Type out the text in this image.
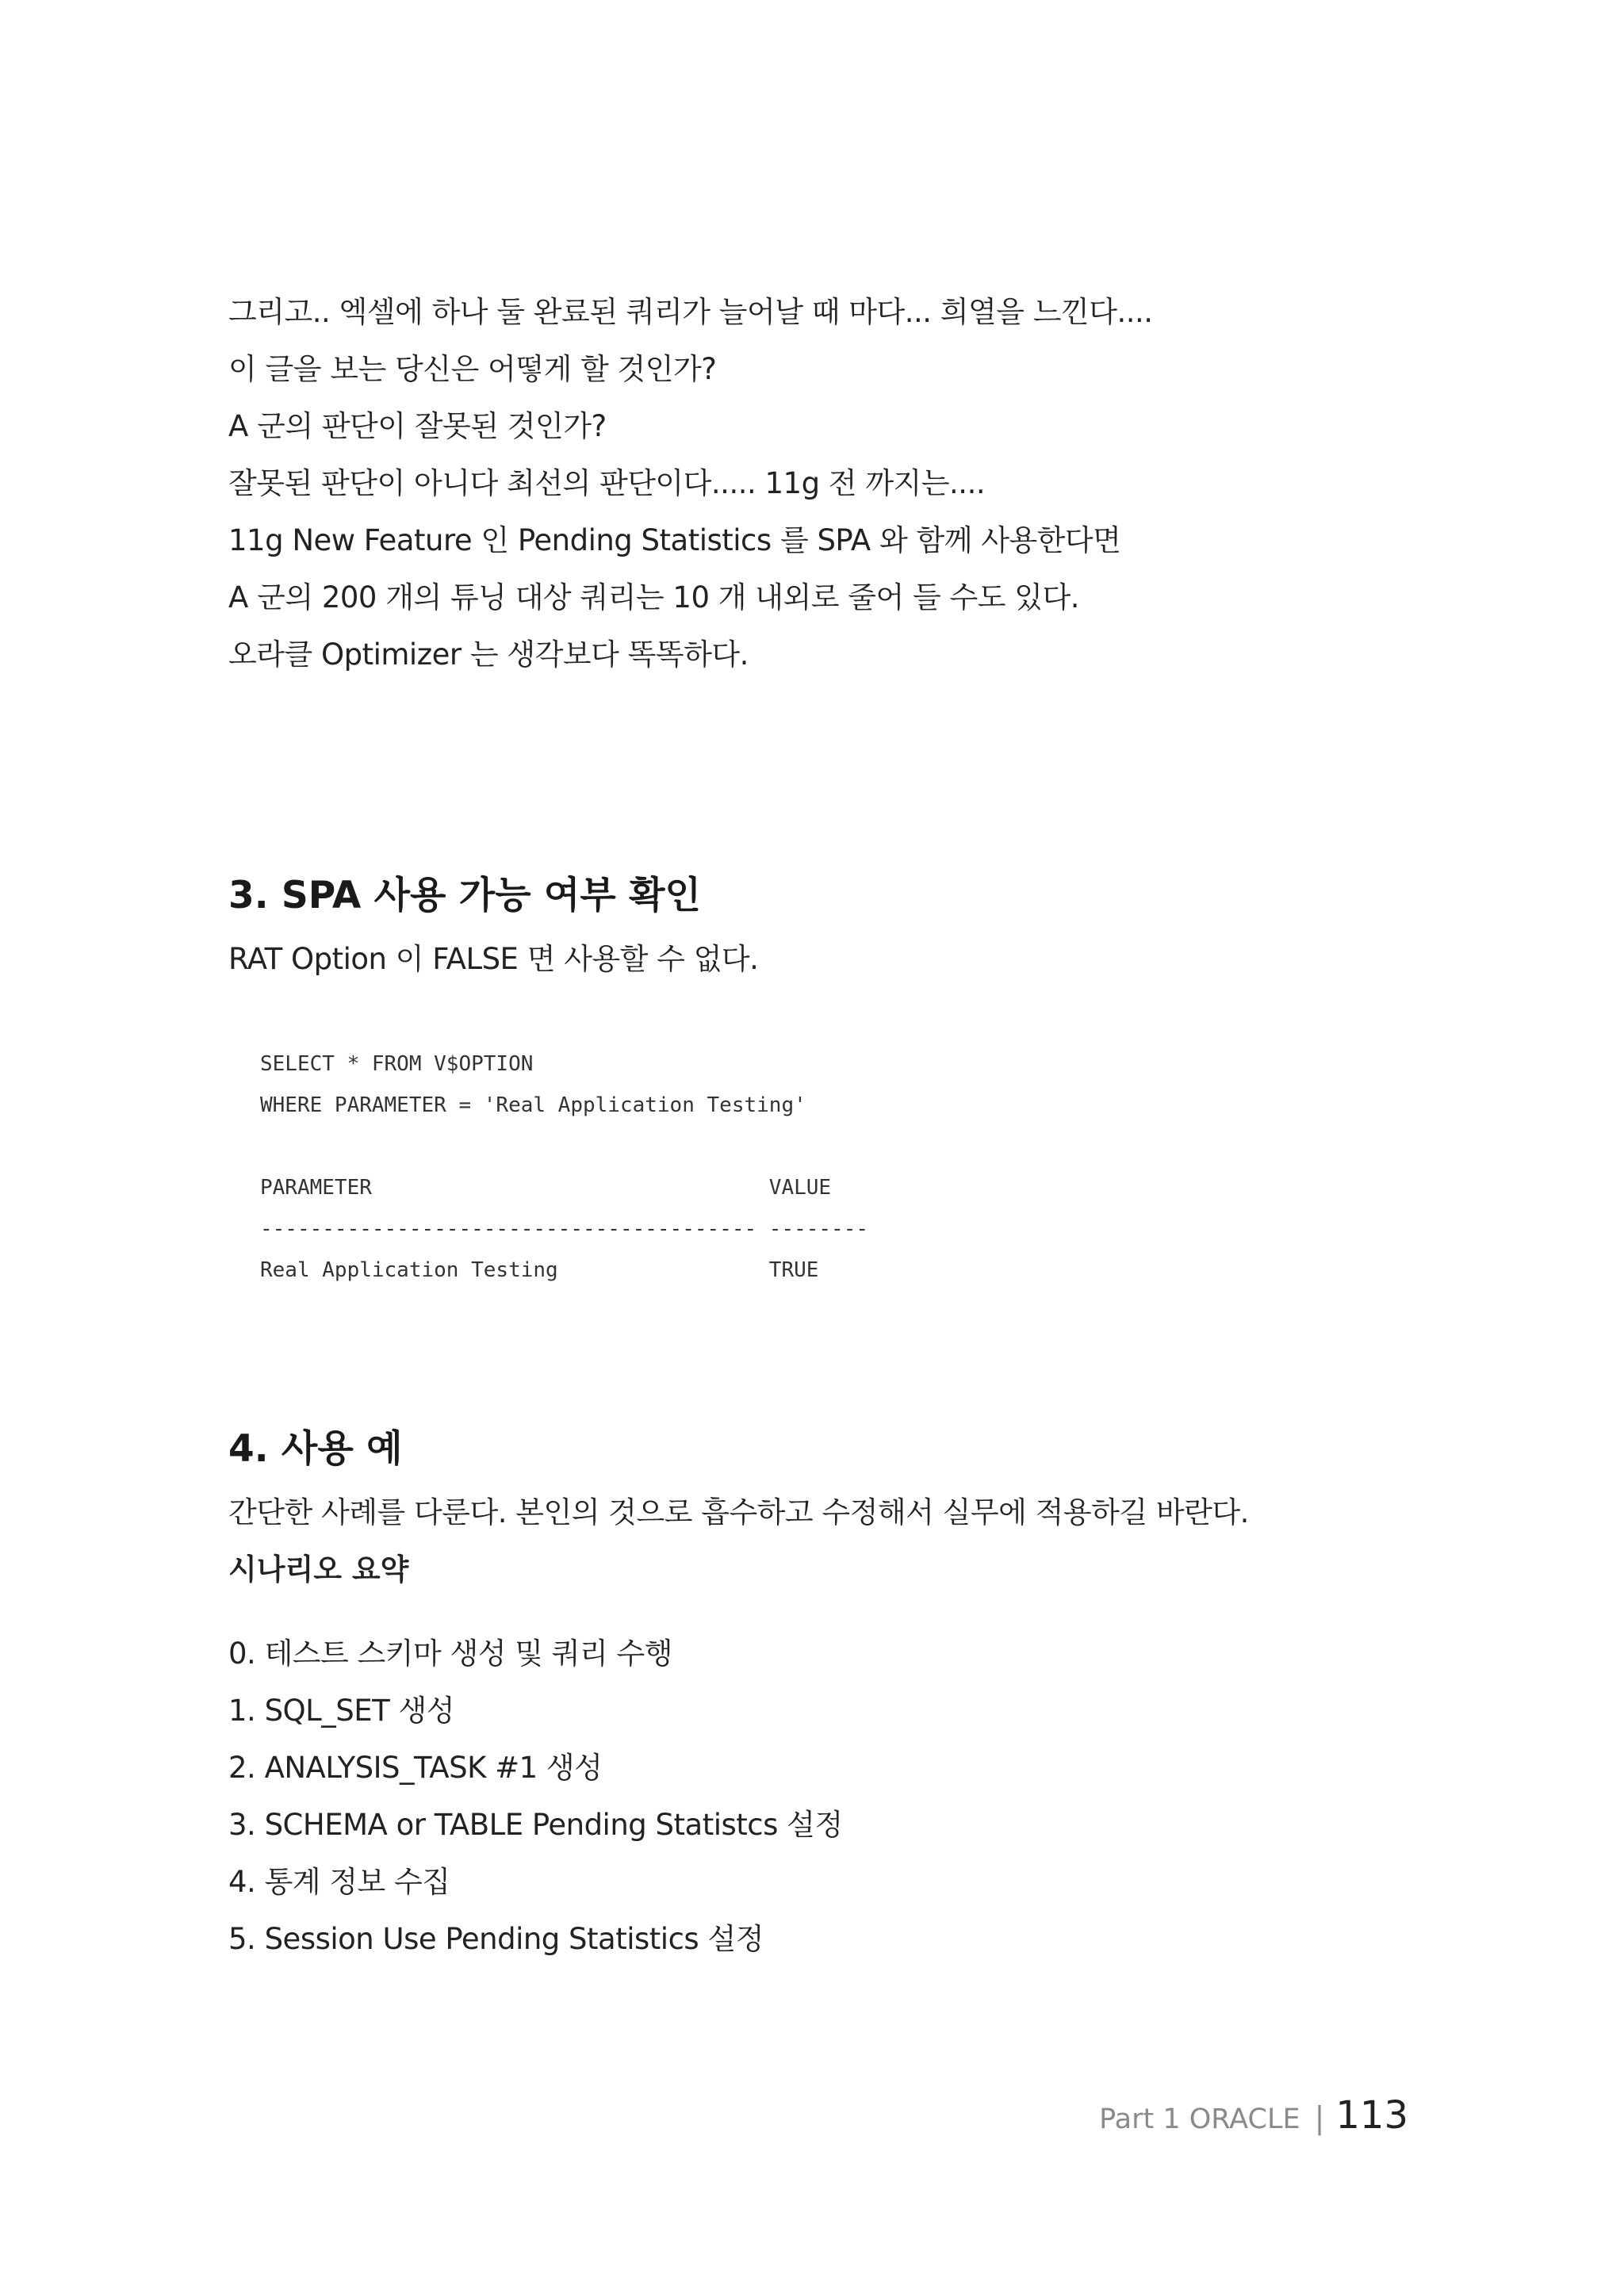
그리고.. 엑셀에 하나 둘 완료된 쿼리가 늘어날 때 마다... 희열을 느낀다....
이 글을 보는 당신은 어떻게 할 것인가?
A 군의 판단이 잘못된 것인가?
잘못된 판단이 아니다 최선의 판단이다..... 11g 전 까지는....
11g New Feature 인 Pending Statistics 를 SPA 와 함께 사용한다면
A 군의 200 개의 튜닝 대상 쿼리는 10 개 내외로 줄어 들 수도 있다.
오라클 Optimizer 는 생각보다 똑똑하다.
3. SPA 사용 가능 여부 확인
RAT Option 이 FALSE 면 사용할 수 없다.
SELECT * FROM V$OPTION
WHERE PARAMETER = 'Real Application Testing'
PARAMETER                                VALUE
---------------------------------------- --------
Real Application Testing                 TRUE
4. 사용 예
간단한 사례를 다룬다. 본인의 것으로 흡수하고 수정해서 실무에 적용하길 바란다.
시나리오 요약
0. 테스트 스키마 생성 및 쿼리 수행
1. SQL_SET 생성
2. ANALYSIS_TASK #1 생성
3. SCHEMA or TABLE Pending Statistcs 설정
4. 통계 정보 수집
5. Session Use Pending Statistics 설정
Part 1 ORACLE | 113
